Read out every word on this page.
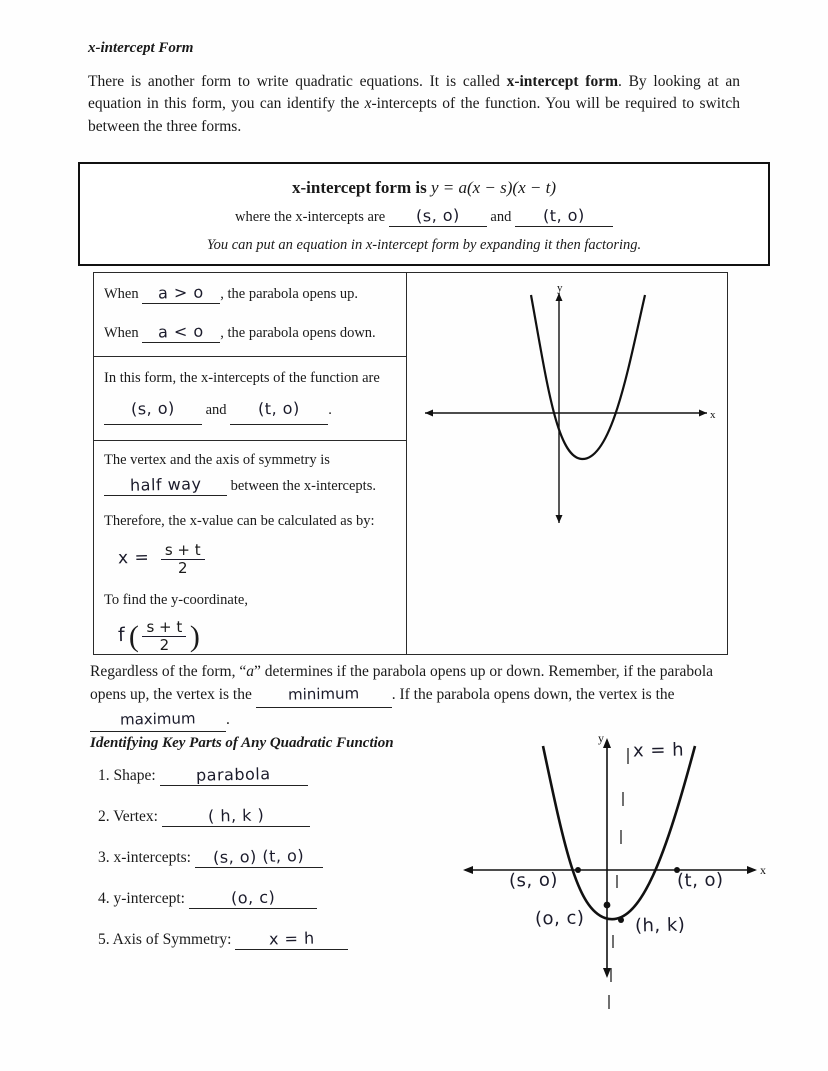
x-intercept Form
There is another form to write quadratic equations. It is called x-intercept form. By looking at an equation in this form, you can identify the x-intercepts of the function. You will be required to switch between the three forms.
x-intercept form is y = a(x − s)(x − t)
where the x-intercepts are (s, o) and (t, o)
You can put an equation in x-intercept form by expanding it then factoring.
When a > o , the parabola opens up.
When a < o , the parabola opens down.
In this form, the x-intercepts of the function are
(s, o) and (t, o) .
The vertex and the axis of symmetry is
half way between the x-intercepts.
Therefore, the x-value can be calculated as by:
$x = \frac{s + t}{2}$
To find the y-coordinate,
f ( $\frac{s + t}{2}$ )
y
x
Regardless of the form, “a” determines if the parabola opens up or down. Remember, if the parabola opens up, the vertex is the minimum . If the parabola opens down, the vertex is the maximum .
Identifying Key Parts of Any Quadratic Function
1. Shape:	parabola
2. Vertex:	( h, k )
3. x-intercepts: (s, o) (t, o)
4. y-intercept:	(o, c)
5. Axis of Symmetry: x = h
y
x
x = h
(s, o)	(t, o)
(o, c)	(h, k)
